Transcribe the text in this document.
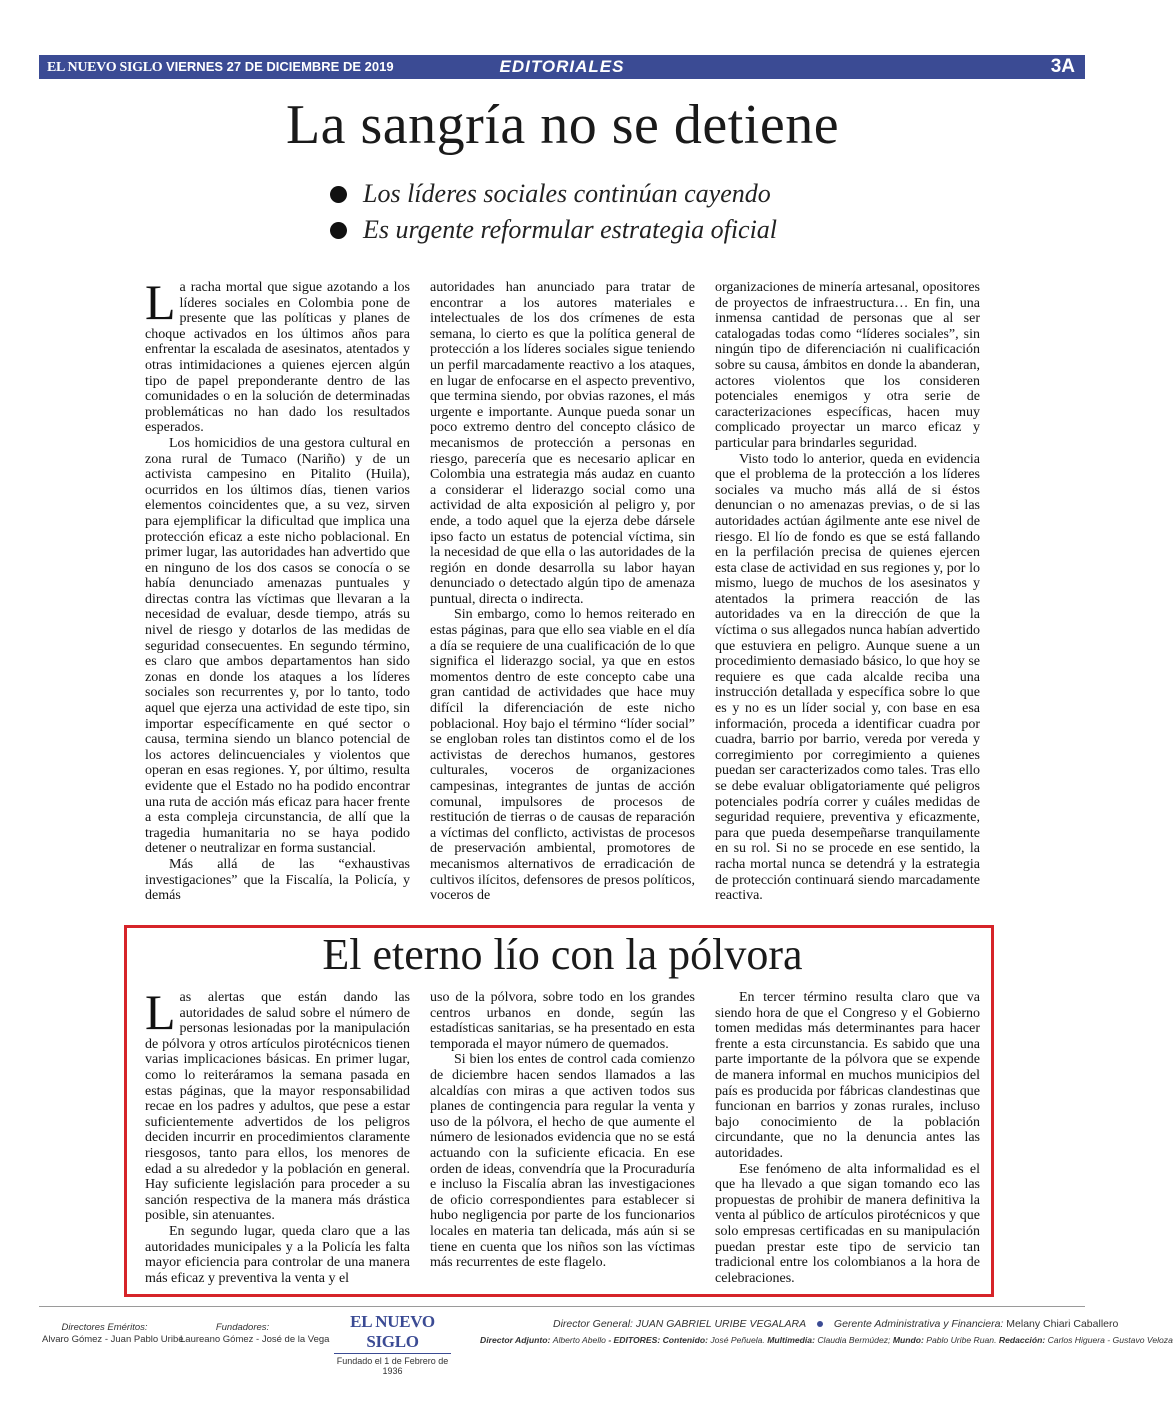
EL NUEVO SIGLO VIERNES 27 DE DICIEMBRE DE 2019	EDITORIALES	3A
La sangría no se detiene
Los líderes sociales continúan cayendo
Es urgente reformular estrategia oficial

La racha mortal que sigue azotando a los líderes sociales en Colombia pone de presente que las políticas y planes de choque activados en los últimos años para enfrentar la escalada de asesinatos, atentados y otras intimidaciones a quienes ejercen algún tipo de papel preponderante dentro de las comunidades o en la solución de determinadas problemáticas no han dado los resultados esperados.

Los homicidios de una gestora cultural en zona rural de Tumaco (Nariño) y de un activista campesino en Pitalito (Huila), ocurridos en los últimos días, tienen varios elementos coincidentes que, a su vez, sirven para ejemplificar la dificultad que implica una protección eficaz a este nicho poblacional. En primer lugar, las autoridades han advertido que en ninguno de los dos casos se conocía o se había denunciado amenazas puntuales y directas contra las víctimas que llevaran a la necesidad de evaluar, desde tiempo, atrás su nivel de riesgo y dotarlos de las medidas de seguridad consecuentes. En segundo término, es claro que ambos departamentos han sido zonas en donde los ataques a los líderes sociales son recurrentes y, por lo tanto, todo aquel que ejerza una actividad de este tipo, sin importar específicamente en qué sector o causa, termina siendo un blanco potencial de los actores delincuenciales y violentos que operan en esas regiones. Y, por último, resulta evidente que el Estado no ha podido encontrar una ruta de acción más eficaz para hacer frente a esta compleja circunstancia, de allí que la tragedia humanitaria no se haya podido detener o neutralizar en forma sustancial.

Más allá de las “exhaustivas investigaciones” que la Fiscalía, la Policía, y demás

autoridades han anunciado para tratar de encontrar a los autores materiales e intelectuales de los dos crímenes de esta semana, lo cierto es que la política general de protección a los líderes sociales sigue teniendo un perfil marcadamente reactivo a los ataques, en lugar de enfocarse en el aspecto preventivo, que termina siendo, por obvias razones, el más urgente e importante. Aunque pueda sonar un poco extremo dentro del concepto clásico de mecanismos de protección a personas en riesgo, parecería que es necesario aplicar en Colombia una estrategia más audaz en cuanto a considerar el liderazgo social como una actividad de alta exposición al peligro y, por ende, a todo aquel que la ejerza debe dársele ipso facto un estatus de potencial víctima, sin la necesidad de que ella o las autoridades de la región en donde desarrolla su labor hayan denunciado o detectado algún tipo de amenaza puntual, directa o indirecta.

Sin embargo, como lo hemos reiterado en estas páginas, para que ello sea viable en el día a día se requiere de una cualificación de lo que significa el liderazgo social, ya que en estos momentos dentro de este concepto cabe una gran cantidad de actividades que hace muy difícil la diferenciación de este nicho poblacional. Hoy bajo el término “líder social” se engloban roles tan distintos como el de los activistas de derechos humanos, gestores culturales, voceros de organizaciones campesinas, integrantes de juntas de acción comunal, impulsores de procesos de restitución de tierras o de causas de reparación a víctimas del conflicto, activistas de procesos de preservación ambiental, promotores de mecanismos alternativos de erradicación de cultivos ilícitos, defensores de presos políticos, voceros de

organizaciones de minería artesanal, opositores de proyectos de infraestructura… En fin, una inmensa cantidad de personas que al ser catalogadas todas como “líderes sociales”, sin ningún tipo de diferenciación ni cualificación sobre su causa, ámbitos en donde la abanderan, actores violentos que los consideren potenciales enemigos y otra serie de caracterizaciones específicas, hacen muy complicado proyectar un marco eficaz y particular para brindarles seguridad.

Visto todo lo anterior, queda en evidencia que el problema de la protección a los líderes sociales va mucho más allá de si éstos denuncian o no amenazas previas, o de si las autoridades actúan ágilmente ante ese nivel de riesgo. El lío de fondo es que se está fallando en la perfilación precisa de quienes ejercen esta clase de actividad en sus regiones y, por lo mismo, luego de muchos de los asesinatos y atentados la primera reacción de las autoridades va en la dirección de que la víctima o sus allegados nunca habían advertido que estuviera en peligro. Aunque suene a un procedimiento demasiado básico, lo que hoy se requiere es que cada alcalde reciba una instrucción detallada y específica sobre lo que es y no es un líder social y, con base en esa información, proceda a identificar cuadra por cuadra, barrio por barrio, vereda por vereda y corregimiento por corregimiento a quienes puedan ser caracterizados como tales. Tras ello se debe evaluar obligatoriamente qué peligros potenciales podría correr y cuáles medidas de seguridad requiere, preventiva y eficazmente, para que pueda desempeñarse tranquilamente en su rol. Si no se procede en ese sentido, la racha mortal nunca se detendrá y la estrategia de protección continuará siendo marcadamente reactiva.

El eterno lío con la pólvora

Las alertas que están dando las autoridades de salud sobre el número de personas lesionadas por la manipulación de pólvora y otros artículos pirotécnicos tienen varias implicaciones básicas. En primer lugar, como lo reiteráramos la semana pasada en estas páginas, que la mayor responsabilidad recae en los padres y adultos, que pese a estar suficientemente advertidos de los peligros deciden incurrir en procedimientos claramente riesgosos, tanto para ellos, los menores de edad a su alrededor y la población en general. Hay suficiente legislación para proceder a su sanción respectiva de la manera más drástica posible, sin atenuantes.

En segundo lugar, queda claro que a las autoridades municipales y a la Policía les falta mayor eficiencia para controlar de una manera más eficaz y preventiva la venta y el

uso de la pólvora, sobre todo en los grandes centros urbanos en donde, según las estadísticas sanitarias, se ha presentado en esta temporada el mayor número de quemados.

Si bien los entes de control cada comienzo de diciembre hacen sendos llamados a las alcaldías con miras a que activen todos sus planes de contingencia para regular la venta y uso de la pólvora, el hecho de que aumente el número de lesionados evidencia que no se está actuando con la suficiente eficacia. En ese orden de ideas, convendría que la Procuraduría e incluso la Fiscalía abran las investigaciones de oficio correspondientes para establecer si hubo negligencia por parte de los funcionarios locales en materia tan delicada, más aún si se tiene en cuenta que los niños son las víctimas más recurrentes de este flagelo.

En tercer término resulta claro que va siendo hora de que el Congreso y el Gobierno tomen medidas más determinantes para hacer frente a esta circunstancia. Es sabido que una parte importante de la pólvora que se expende de manera informal en muchos municipios del país es producida por fábricas clandestinas que funcionan en barrios y zonas rurales, incluso bajo conocimiento de la población circundante, que no la denuncia antes las autoridades.

Ese fenómeno de alta informalidad es el que ha llevado a que sigan tomando eco las propuestas de prohibir de manera definitiva la venta al público de artículos pirotécnicos y que solo empresas certificadas en su manipulación puedan prestar este tipo de servicio tan tradicional entre los colombianos a la hora de celebraciones.

Directores Eméritos:
Alvaro Gómez - Juan Pablo Uribe
Fundadores:
Laureano Gómez - José de la Vega
EL NUEVO SIGLO
Fundado el 1 de Febrero de 1936
Director General: JUAN GABRIEL URIBE VEGALARA	Gerente Administrativa y Financiera: Melany Chiari Caballero
Director Adjunto: Alberto Abello - EDITORES: Contenido: José Peñuela. Multimedia: Claudia Bermúdez; Mundo: Pablo Uribe Ruan. Redacción: Carlos Higuera - Gustavo Veloza
